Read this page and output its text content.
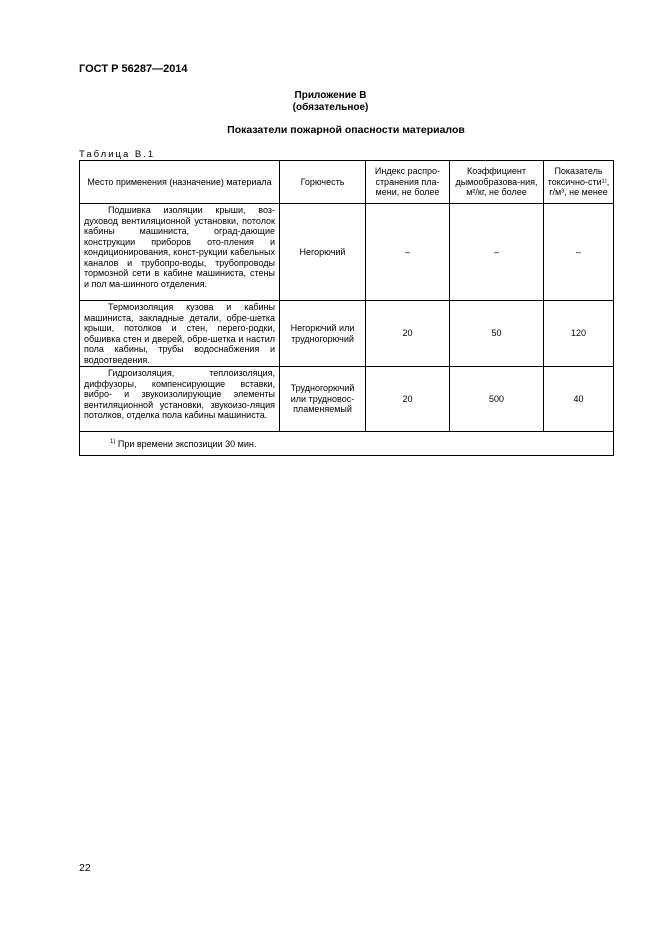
ГОСТ Р 56287—2014
Приложение В
(обязательное)
Показатели пожарной опасности материалов
Таблица В.1
Место применения (назначение) материала	Горючесть	Индекс распро-странения пла-мени, не более	Коэффициент дымообразова-ния, м²/кг, не более	Показатель токсично-сти¹⁾, г/м³, не менее
Подшивка изоляции крыши, воз-духовод вентиляционной установки, потолок кабины машиниста, оград-дающие конструкции приборов ото-пления и кондиционирования, конст-рукции кабельных каналов и трубопро-воды, трубопроводы тормозной сети в кабине машиниста, стены и пол ма-шинного отделения.	Негорючий	–	–	–
Термоизоляция кузова и кабины машиниста, закладные детали, обре-шетка крыши, потолков и стен, перего-родки, обшивка стен и дверей, обре-шетка и настил пола кабины, трубы водоснабжения и водоотведения.	Негорючий или трудногорючий	20	50	120
Гидроизоляция, теплоизоляция, диффузоры, компенсирующие вставки, вибро- и звукоизолирующие элементы вентиляционной установки, звукоизо-ляция потолков, отделка пола кабины машиниста.	Трудногорючий или трудновос-пламеняемый	20	500	40
$^{1)}$ При времени экспозиции 30 мин.				
22
